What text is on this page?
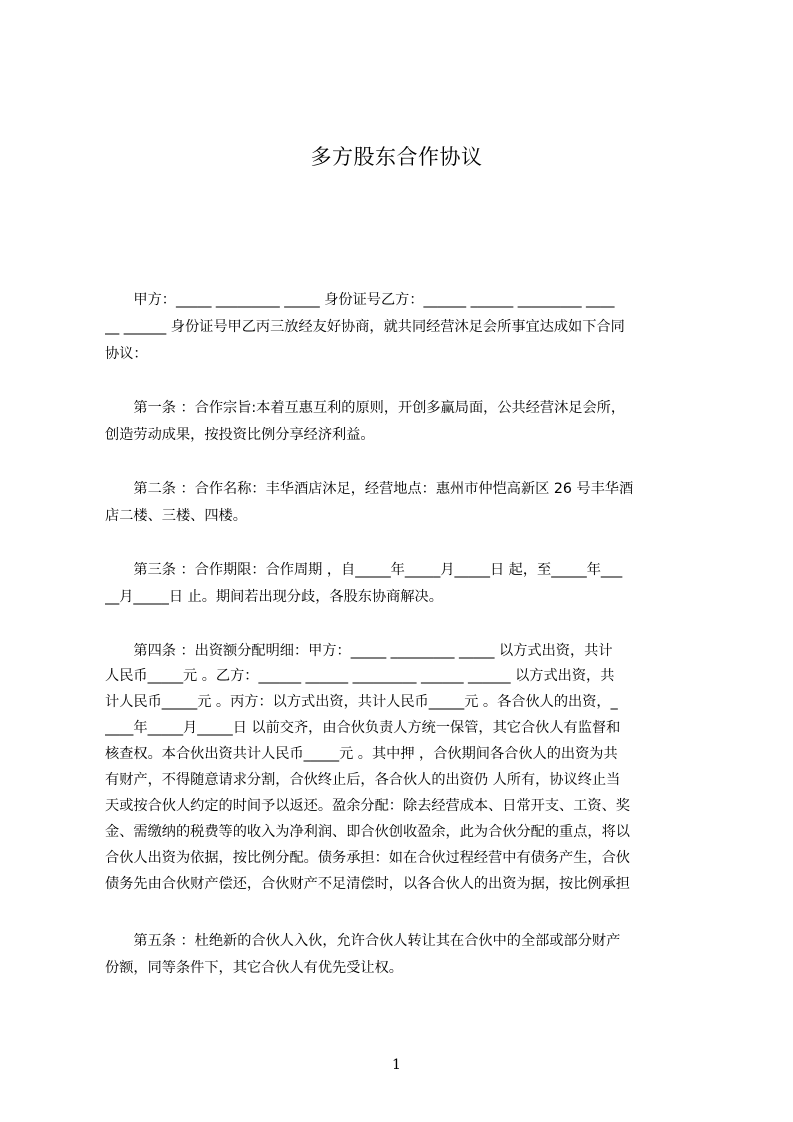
多方股东合作协议
　　甲方：_____ _________ _____ 身份证号乙方：______ ______ _________ ____
__ ______ 身份证号甲乙丙三放经友好协商，就共同经营沐足会所事宜达成如下合同
协议：
　　第一条 ：合作宗旨:本着互惠互利的原则，开创多赢局面，公共经营沐足会所，
创造劳动成果，按投资比例分享经济利益。
　　第二条 ：合作名称：丰华酒店沐足，经营地点：惠州市仲恺高新区 26 号丰华酒
店二楼、三楼、四楼。
　　第三条 ：合作期限：合作周期 ，自_____年_____月_____日 起，至_____年___
__月_____日 止。期间若出现分歧，各股东协商解决。
　　第四条 ：出资额分配明细：甲方：_____ _________ _____ 以方式出资，共计
人民币_____元 。乙方：______ ______ _________ ______ ______ 以方式出资，共
计人民币_____元 。丙方：以方式出资，共计人民币_____元 。各合伙人的出资，_
____年_____月_____日 以前交齐，由合伙负责人方统一保管，其它合伙人有监督和
核查权。本合伙出资共计人民币_____元 。其中押 ，合伙期间各合伙人的出资为共
有财产，不得随意请求分割，合伙终止后，各合伙人的出资仍 人所有，协议终止当
天或按合伙人约定的时间予以返还。盈余分配：除去经营成本、日常开支、工资、奖
金、需缴纳的税费等的收入为净利润、即合伙创收盈余，此为合伙分配的重点，将以
合伙人出资为依据，按比例分配。债务承担：如在合伙过程经营中有债务产生，合伙
债务先由合伙财产偿还，合伙财产不足清偿时，以各合伙人的出资为据，按比例承担
　　第五条 ：杜绝新的合伙人入伙，允许合伙人转让其在合伙中的全部或部分财产
份额，同等条件下，其它合伙人有优先受让权。
1
